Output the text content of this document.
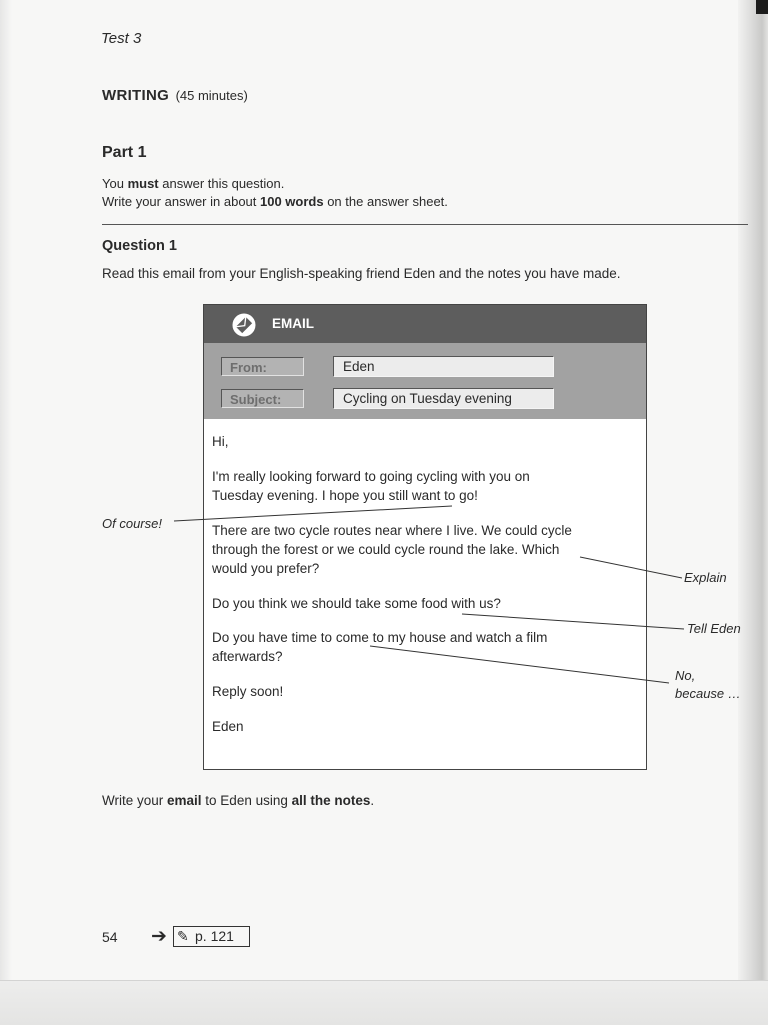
Test 3
WRITING (45 minutes)
Part 1
You must answer this question.
Write your answer in about 100 words on the answer sheet.
Question 1
Read this email from your English-speaking friend Eden and the notes you have made.
EMAIL
From:	Eden
Subject:	Cycling on Tuesday evening
Hi,
I'm really looking forward to going cycling with you on
Tuesday evening. I hope you still want to go!
There are two cycle routes near where I live. We could cycle
through the forest or we could cycle round the lake. Which
would you prefer?
Do you think we should take some food with us?
Do you have time to come to my house and watch a film
afterwards?
Reply soon!
Eden
Of course!
Explain
Tell Eden
No,
because …
Write your email to Eden using all the notes.
54 ➔ ✎ p. 121
